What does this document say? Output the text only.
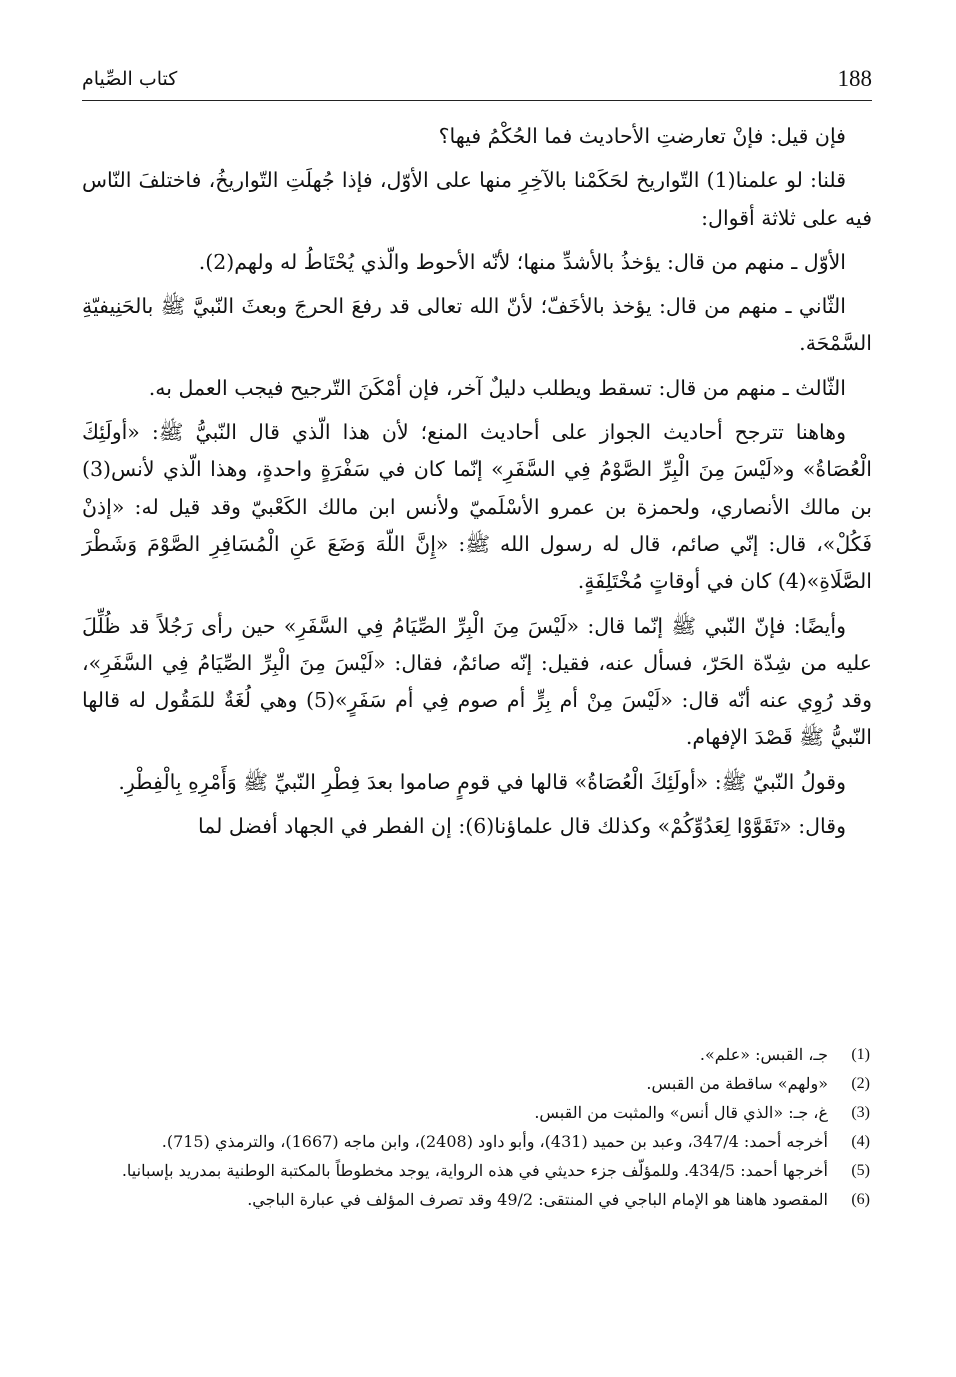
188
كتاب الصِّيام

فإن قيل: فإنْ تعارضتِ الأحاديث فما الحُكْمُ فيها؟

قلنا: لو علمنا(1) التّواريخ لحَكَمْنا بالآخِرِ منها على الأوّل، فإذا جُهلَتِ التّواريخُ، فاختلفَ النّاس فيه على ثلاثة أقوال:

الأوّل ـ منهم من قال: يؤخذُ بالأشدِّ منها؛ لأنّه الأحوط والّذي يُحْتَاطُ له ولهم(2).

الثّاني ـ منهم من قال: يؤخذ بالأخَفّ؛ لأنّ الله تعالى قد رفعَ الحرجَ وبعثَ النّبيَّ ﷺ بالحَنِيفيّةِ السَّمْحَة.

الثّالث ـ منهم من قال: تسقط ويطلب دليلٌ آخر، فإن أمْكَنَ التّرجيح فيجب العمل به.

وهاهنا تترجح أحاديث الجواز على أحاديث المنع؛ لأن هذا الّذي قال النّبيُّ ﷺ: «أولَئِكَ الْعُصَاةُ» و«لَيْسَ مِنَ الْبِرِّ الصَّوْمُ فِي السَّفَرِ» إنّما كان في سَفْرَةٍ واحدةٍ، وهذا الّذي لأنس(3) بن مالك الأنصاري، ولحمزة بن عمرو الأسْلَميّ ولأنس ابن مالك الكَعْبيّ وقد قيل له: «إذنْ فَكُلْ»، قال: إنّي صائم، قال له رسول الله ﷺ: «إِنَّ اللّهَ وَضَعَ عَنِ الْمُسَافِرِ الصَّوْمَ وَشَطْرَ الصَّلَاةِ»(4) كان في أوقاتٍ مُخْتَلِفَةٍ.

وأيضًا: فإنّ النّبي ﷺ إنّما قال: «لَيْسَ مِنَ الْبِرِّ الصِّيَامُ فِي السَّفَرِ» حين رأى رَجُلاً قد ظُلِّلَ عليه من شِدّة الحَرّ، فسأل عنه، فقيل: إنّه صائمٌ، فقال: «لَيْسَ مِنَ الْبِرِّ الصِّيَامُ فِي السَّفَرِ»، وقد رُوِي عنه أنّه قال: «لَيْسَ مِنْ أم بِرٍّ أم صوم فِي أم سَفَرٍ»(5) وهي لُغَةٌ للمَقُول له قالها النّبيُّ ﷺ قَصْدَ الإفهام.

وقولُ النّبيّ ﷺ: «أولَئِكَ الْعُصَاةُ» قالها في قومٍ صاموا بعدَ فِطْرِ النّبيِّ ﷺ وَأَمْرِهِ بِالْفِطْرِ.

وقال: «تَقَوَّوْا لِعَدُوِّكُمْ» وكذلك قال علماؤنا(6): إن الفطر في الجهاد أفضل لما

(1)
جـ، القبس: «علم».
(2)
«ولهم» ساقطة من القبس.
(3)
غ، جـ: «الذي قال أنس» والمثبت من القبس.
(4)
أخرجه أحمد: 347/4، وعبد بن حميد (431)، وأبو داود (2408)، وابن ماجه (1667)، والترمذي (715).
(5)
أخرجها أحمد: 434/5. وللمؤلّف جزء حديثي في هذه الرواية، يوجد مخطوطاً بالمكتبة الوطنية بمدريد بإسبانيا.
(6)
المقصود هاهنا هو الإمام الباجي في المنتقى: 49/2 وقد تصرف المؤلف في عبارة الباجي.
